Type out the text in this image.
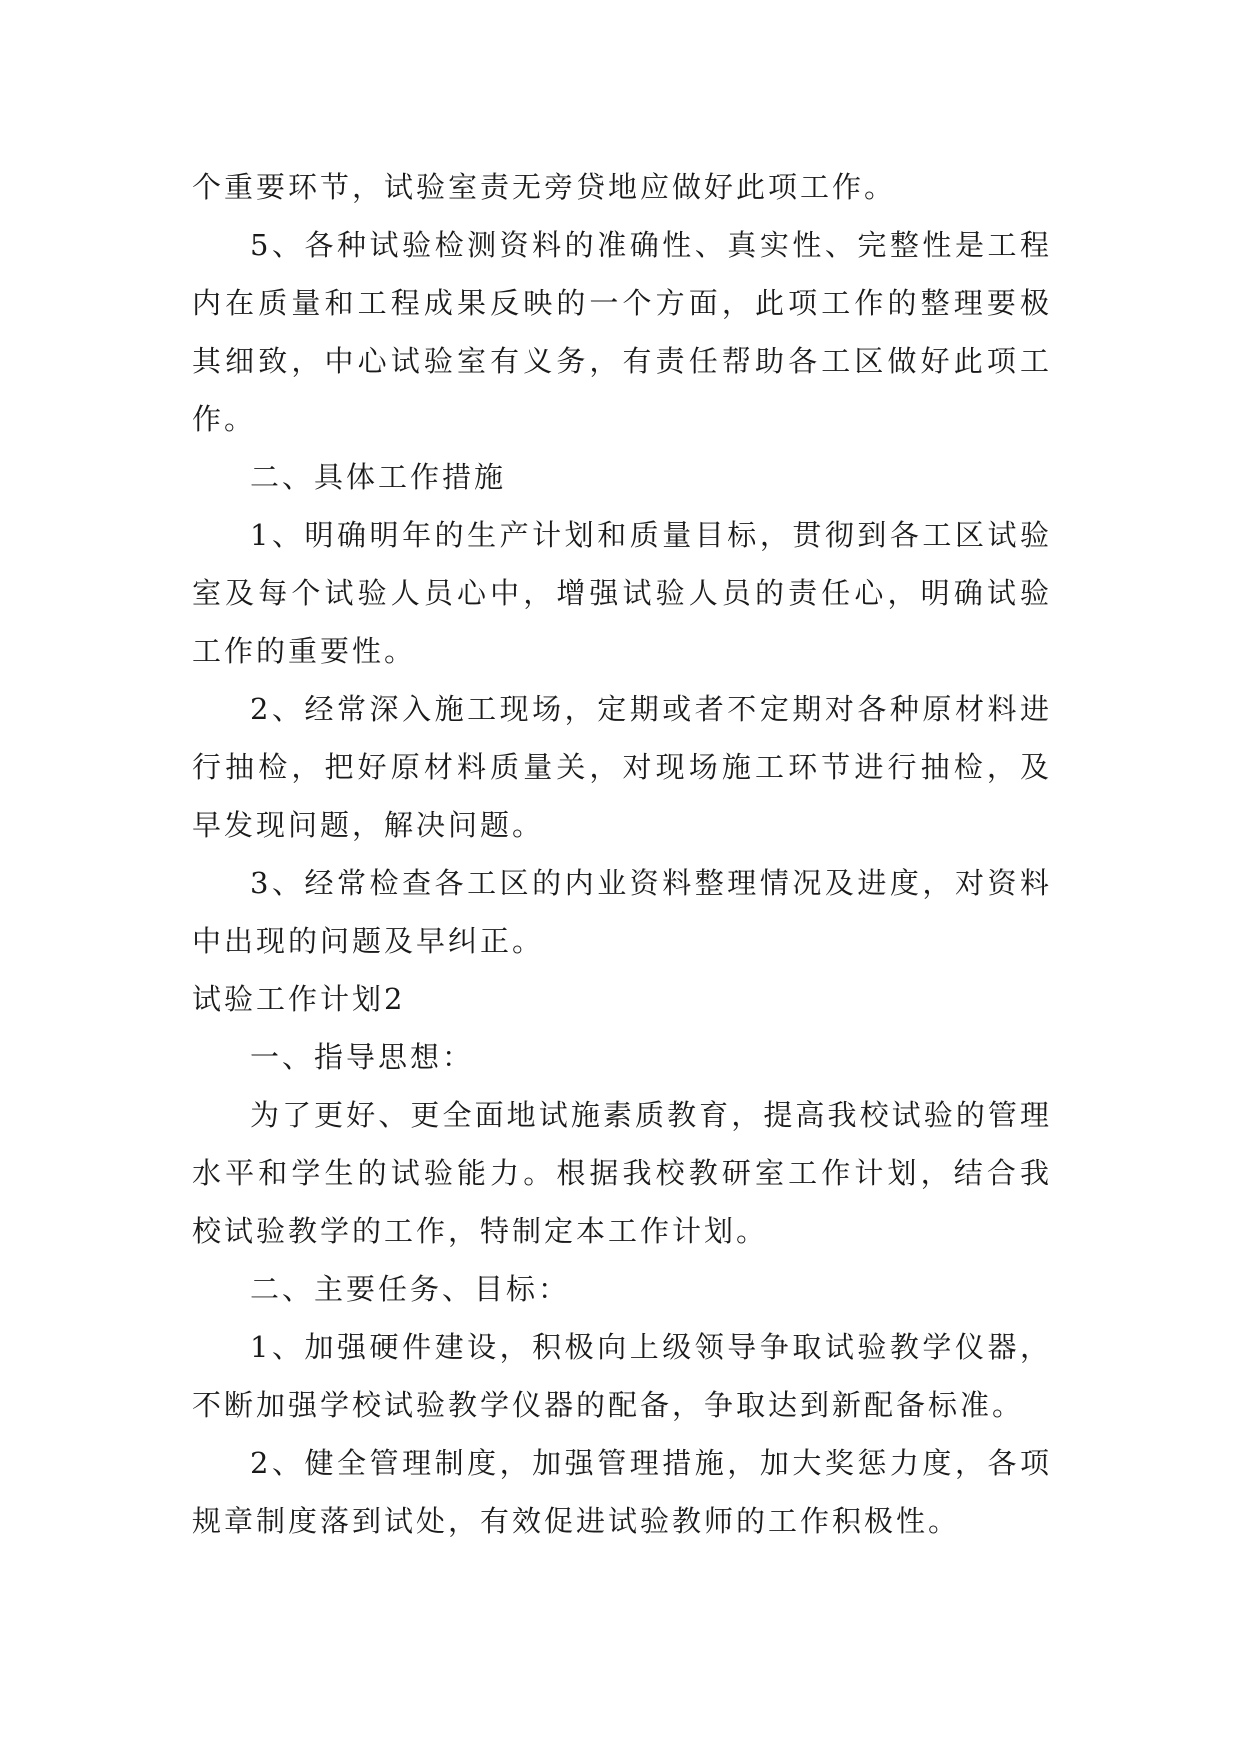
个重要环节，试验室责无旁贷地应做好此项工作。

5、各种试验检测资料的准确性、真实性、完整性是工程内在质量和工程成果反映的一个方面，此项工作的整理要极其细致，中心试验室有义务，有责任帮助各工区做好此项工作。

二、具体工作措施

1、明确明年的生产计划和质量目标，贯彻到各工区试验室及每个试验人员心中，增强试验人员的责任心，明确试验工作的重要性。

2、经常深入施工现场，定期或者不定期对各种原材料进行抽检，把好原材料质量关，对现场施工环节进行抽检，及早发现问题，解决问题。

3、经常检查各工区的内业资料整理情况及进度，对资料中出现的问题及早纠正。

试验工作计划2

一、指导思想：

为了更好、更全面地试施素质教育，提高我校试验的管理水平和学生的试验能力。根据我校教研室工作计划，结合我校试验教学的工作，特制定本工作计划。

二、主要任务、目标：

1、加强硬件建设，积极向上级领导争取试验教学仪器，不断加强学校试验教学仪器的配备，争取达到新配备标准。

2、健全管理制度，加强管理措施，加大奖惩力度，各项规章制度落到试处，有效促进试验教师的工作积极性。
